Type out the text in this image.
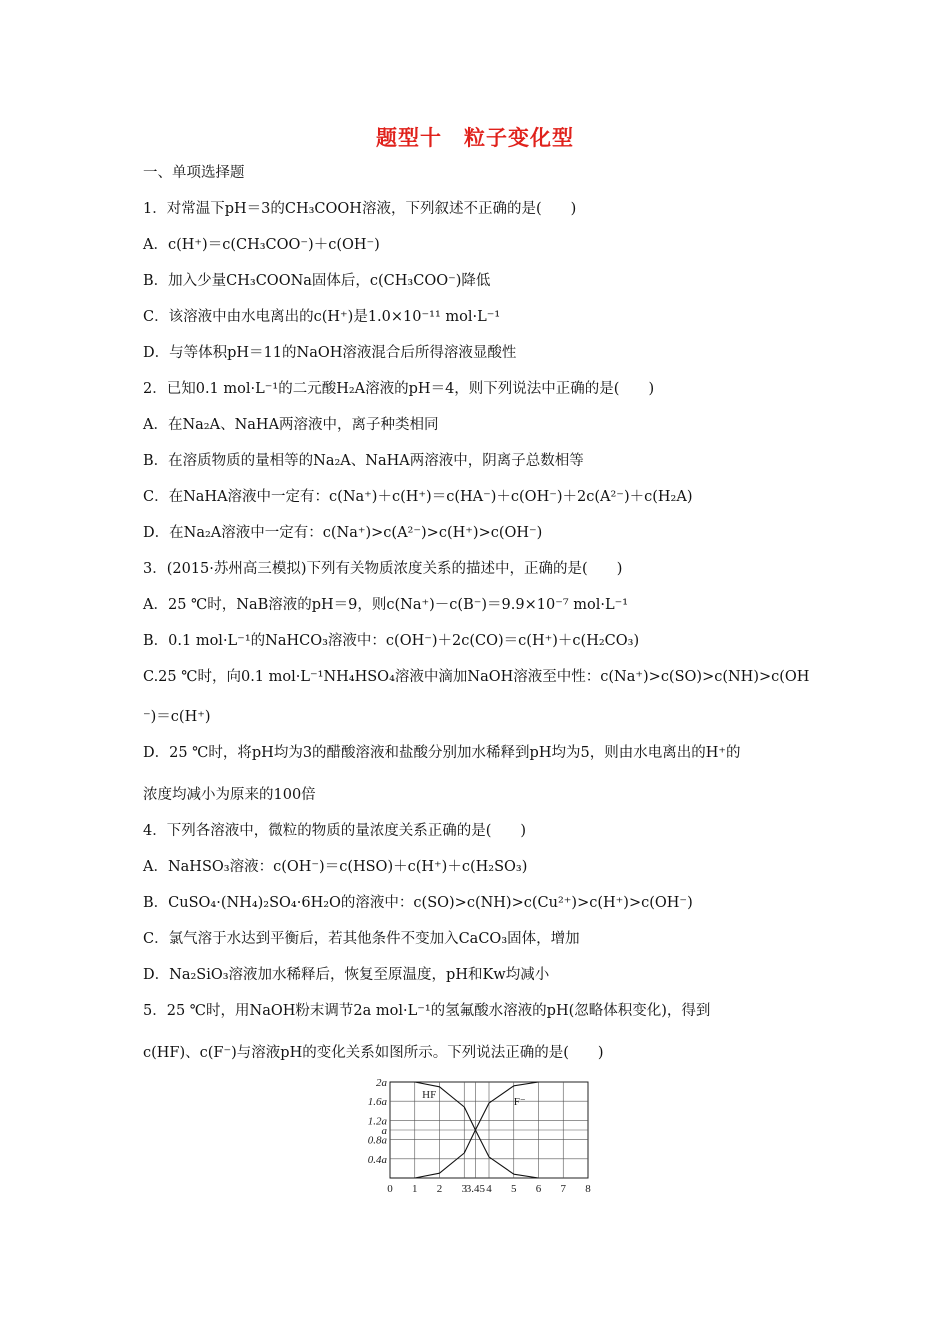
题型十　粒子变化型
一、单项选择题
1．对常温下pH＝3的CH₃COOH溶液，下列叙述不正确的是(　　)
A．c(H⁺)＝c(CH₃COO⁻)＋c(OH⁻)
B．加入少量CH₃COONa固体后，c(CH₃COO⁻)降低
C．该溶液中由水电离出的c(H⁺)是1.0×10⁻¹¹ mol·L⁻¹
D．与等体积pH＝11的NaOH溶液混合后所得溶液显酸性
2．已知0.1 mol·L⁻¹的二元酸H₂A溶液的pH＝4，则下列说法中正确的是(　　)
A．在Na₂A、NaHA两溶液中，离子种类相同
B．在溶质物质的量相等的Na₂A、NaHA两溶液中，阴离子总数相等
C．在NaHA溶液中一定有：c(Na⁺)＋c(H⁺)＝c(HA⁻)＋c(OH⁻)＋2c(A²⁻)＋c(H₂A)
D．在Na₂A溶液中一定有：c(Na⁺)>c(A²⁻)>c(H⁺)>c(OH⁻)
3．(2015·苏州高三模拟)下列有关物质浓度关系的描述中，正确的是(　　)
A．25 ℃时，NaB溶液的pH＝9，则c(Na⁺)－c(B⁻)＝9.9×10⁻⁷ mol·L⁻¹
B．0.1 mol·L⁻¹的NaHCO₃溶液中：c(OH⁻)＋2c(CO)＝c(H⁺)＋c(H₂CO₃)
C.25 ℃时，向0.1 mol·L⁻¹NH₄HSO₄溶液中滴加NaOH溶液至中性：c(Na⁺)>c(SO)>c(NH)>c(OH
⁻)＝c(H⁺)
D．25 ℃时，将pH均为3的醋酸溶液和盐酸分别加水稀释到pH均为5，则由水电离出的H⁺的
浓度均减小为原来的100倍
4．下列各溶液中，微粒的物质的量浓度关系正确的是(　　)
A．NaHSO₃溶液：c(OH⁻)＝c(HSO)＋c(H⁺)＋c(H₂SO₃)
B．CuSO₄·(NH₄)₂SO₄·6H₂O的溶液中：c(SO)>c(NH)>c(Cu²⁺)>c(H⁺)>c(OH⁻)
C．氯气溶于水达到平衡后，若其他条件不变加入CaCO₃固体，增加
D．Na₂SiO₃溶液加水稀释后，恢复至原温度，pH和Kw均减小
5．25 ℃时，用NaOH粉末调节2a mol·L⁻¹的氢氟酸水溶液的pH(忽略体积变化)，得到
c(HF)、c(F⁻)与溶液pH的变化关系如图所示。下列说法正确的是(　　)
0 1 2 3
3.45 4 5 6 7 8
2a
1.6a
1.2a
a
0.8a
0.4a
HF
F⁻
